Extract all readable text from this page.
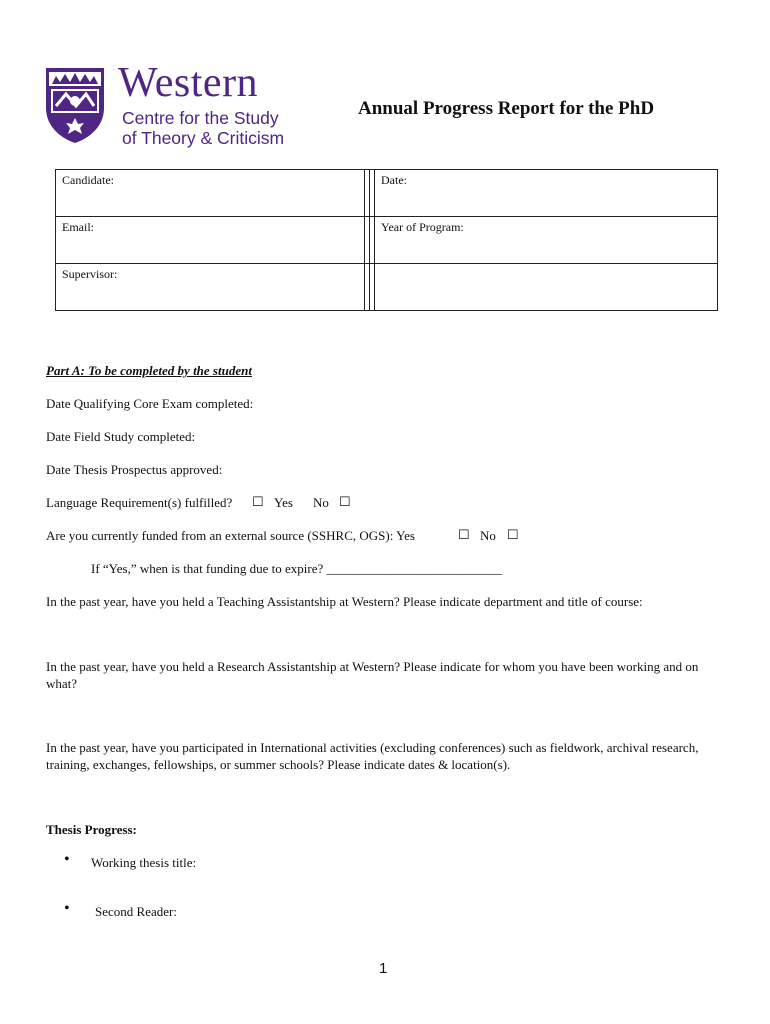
Western
Centre for the Study
of Theory & Criticism
Annual Progress Report for the PhD
Candidate:			Date:
Email:			Year of Program:
Supervisor:			
Part A: To be completed by the student
Date Qualifying Core Exam completed:
Date Field Study completed:
Date Thesis Prospectus approved:
Language Requirement(s) fulfilled? ☐ Yes No ☐
Are you currently funded from an external source (SSHRC, OGS): Yes	☐ No ☐
If “Yes,” when is that funding due to expire? ___________________________
In the past year, have you held a Teaching Assistantship at Western? Please indicate department and title of course:
In the past year, have you held a Research Assistantship at Western? Please indicate for whom you have been working and on what?
In the past year, have you participated in International activities (excluding conferences) such as fieldwork, archival research, training, exchanges, fellowships, or summer schools? Please indicate dates & location(s).
Thesis Progress:
• Working thesis title:
• Second Reader:
1
